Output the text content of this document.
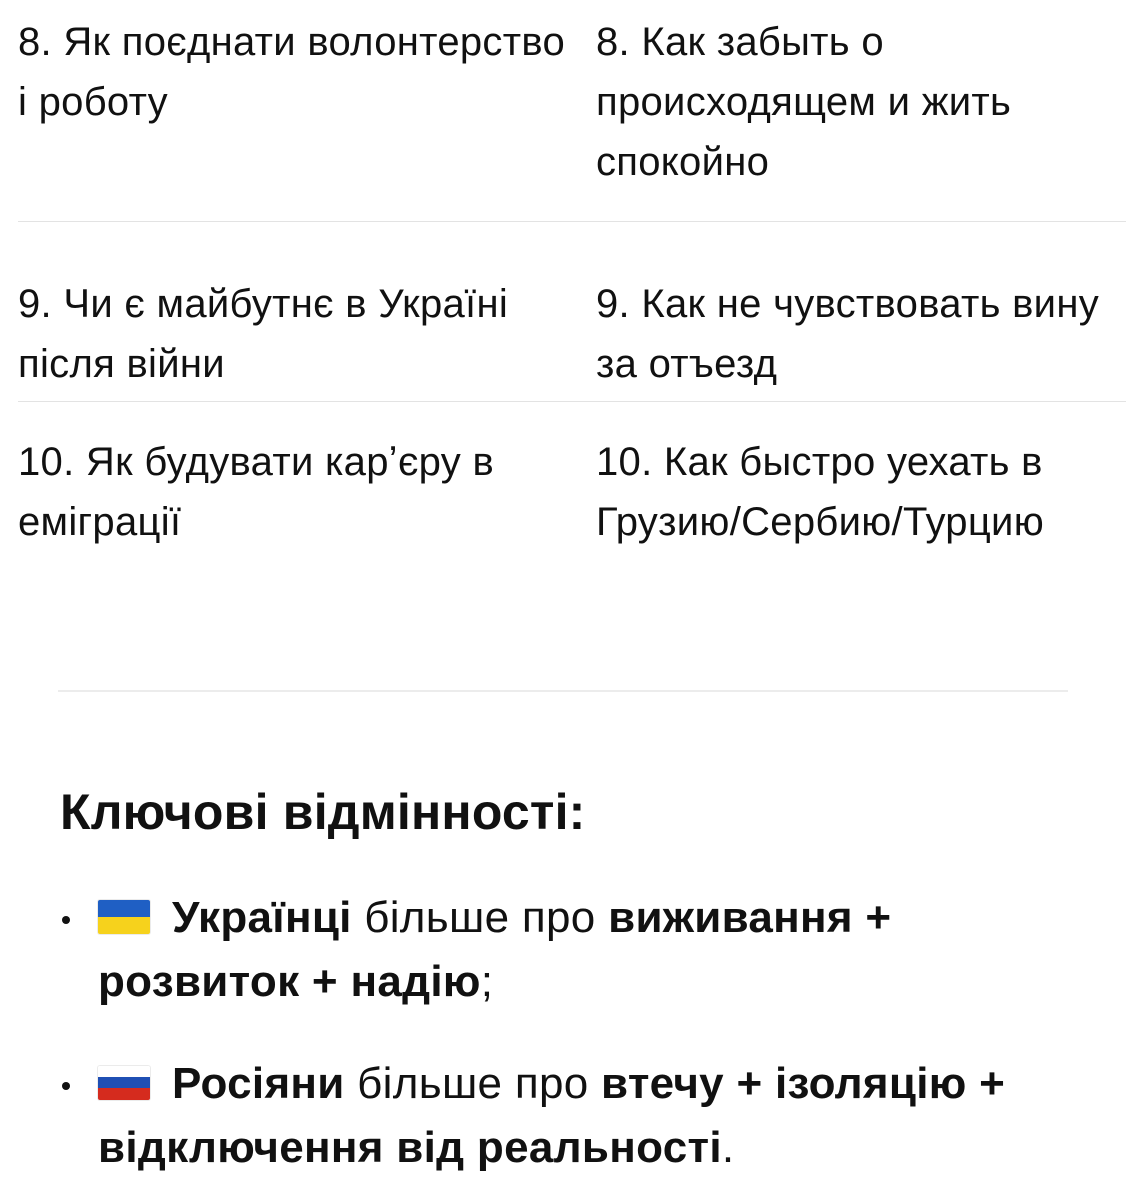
8. Як поєднати волонтерство і роботу
8. Как забыть о происходящем и жить спокойно
9. Чи є майбутнє в Україні після війни
9. Как не чувствовать вину за отъезд
10. Як будувати карʼєру в еміграції
10. Как быстро уехать в Грузию/Сербию/Турцию
Ключові відмінності:
Українці більше про виживання + розвиток + надію;
Росіяни більше про втечу + ізоляцію + відключення від реальності.
